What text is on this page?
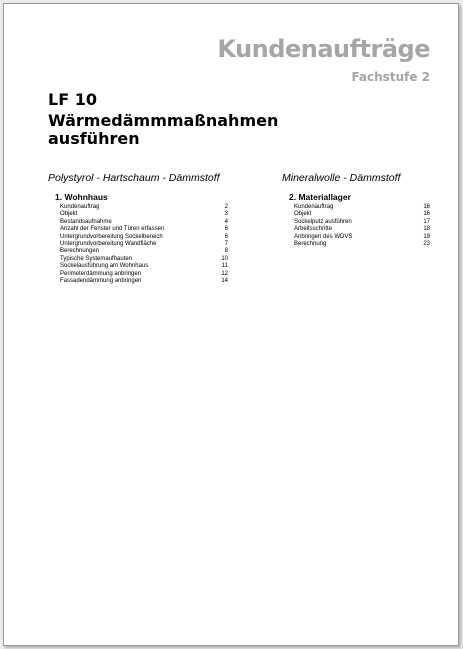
Kundenaufträge
Fachstufe 2
LF 10
Wärmedämmmaßnahmen
ausführen
Polystyrol - Hartschaum - Dämmstoff
1. Wohnhaus
Kundenauftrag	2
Objekt	3
Bestandsaufnahme	4
Anzahl der Fenster und Türen erfassen	6
Untergrundvorbereitung Sockelbereich	6
Untergrundvorbereitung Wandfläche	7
Berechnungen	8
Typische Systemaufbauten	10
Sockelausführung am Wohnhaus	11
Perimeterdämmung anbringen	12
Fassadendämmung anbringen	14
Mineralwolle - Dämmstoff
2. Materiallager
Kundenauftrag	16
Objekt	16
Sockelputz ausführen	17
Arbeitsschritte	18
Anbringen des WDVS	19
Berechnung	23
